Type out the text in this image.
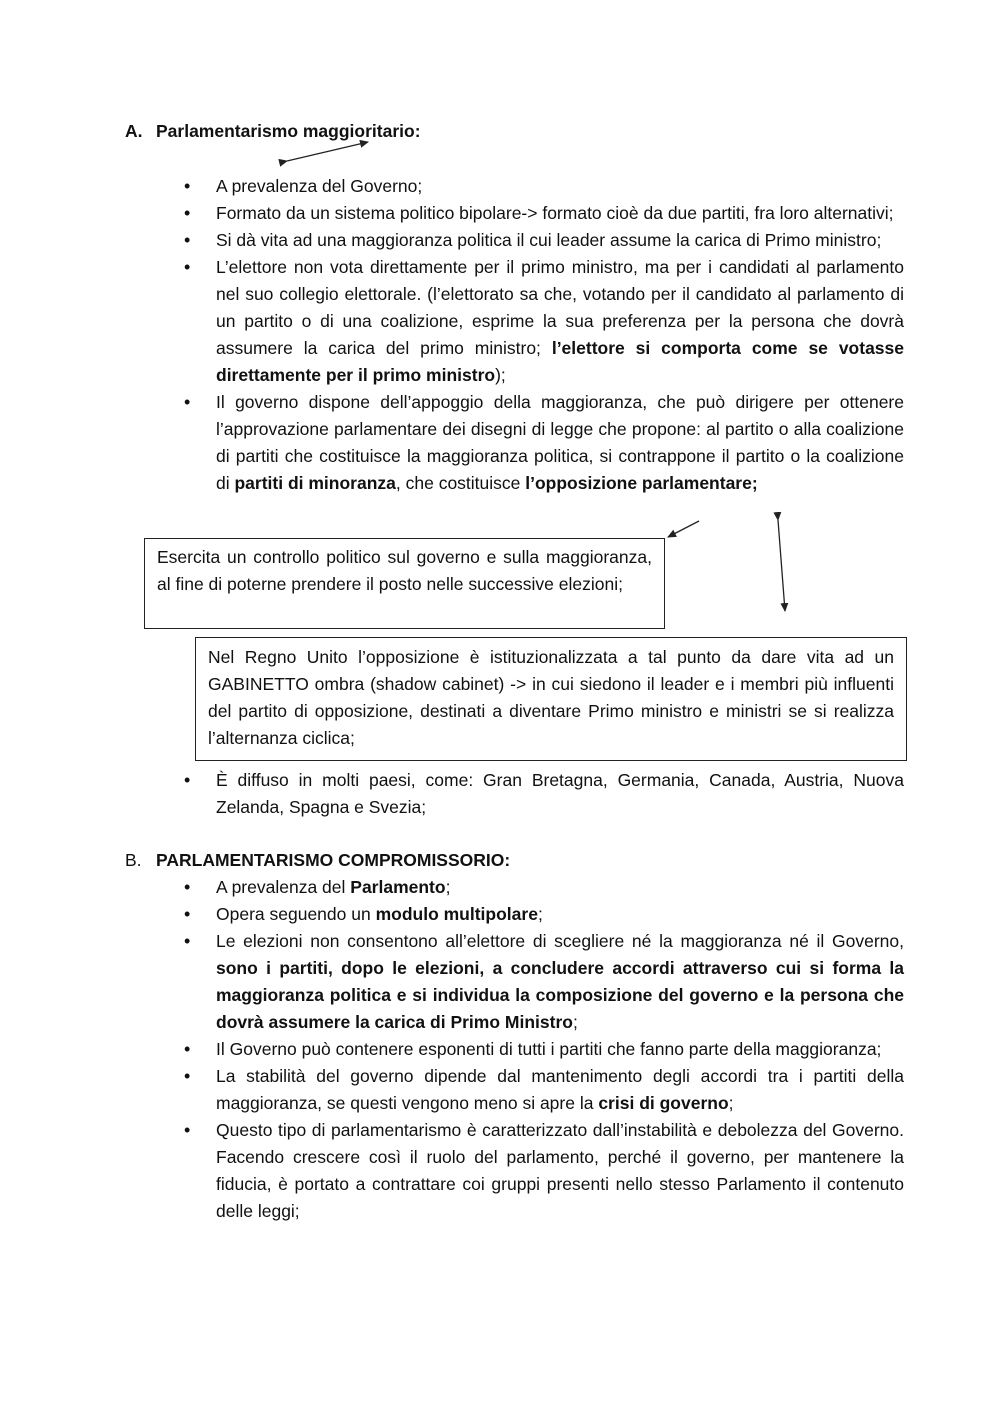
A. Parlamentarismo maggioritario:
• A prevalenza del Governo;
• Formato da un sistema politico bipolare-> formato cioè da due partiti, fra loro alternativi;
• Si dà vita ad una maggioranza politica il cui leader assume la carica di Primo ministro;
• L’elettore non vota direttamente per il primo ministro, ma per i candidati al parlamento nel suo collegio elettorale. (l’elettorato sa che, votando per il candidato al parlamento di un partito o di una coalizione, esprime la sua preferenza per la persona che dovrà assumere la carica del primo ministro; l’elettore si comporta come se votasse direttamente per il primo ministro);
• Il governo dispone dell’appoggio della maggioranza, che può dirigere per ottenere l’approvazione parlamentare dei disegni di legge che propone: al partito o alla coalizione di partiti che costituisce la maggioranza politica, si contrappone il partito o la coalizione di partiti di minoranza, che costituisce l’opposizione parlamentare;
Esercita un controllo politico sul governo e sulla maggioranza, al fine di poterne prendere il posto nelle successive elezioni;
Nel Regno Unito l’opposizione è istituzionalizzata a tal punto da dare vita ad un GABINETTO ombra (shadow cabinet) -> in cui siedono il leader e i membri più influenti del partito di opposizione, destinati a diventare Primo ministro e ministri se si realizza l’alternanza ciclica;
• È diffuso in molti paesi, come: Gran Bretagna, Germania, Canada, Austria, Nuova Zelanda, Spagna e Svezia;
B. PARLAMENTARISMO COMPROMISSORIO:
• A prevalenza del Parlamento;
• Opera seguendo un modulo multipolare;
• Le elezioni non consentono all’elettore di scegliere né la maggioranza né il Governo, sono i partiti, dopo le elezioni, a concludere accordi attraverso cui si forma la maggioranza politica e si individua la composizione del governo e la persona che dovrà assumere la carica di Primo Ministro;
• Il Governo può contenere esponenti di tutti i partiti che fanno parte della maggioranza;
• La stabilità del governo dipende dal mantenimento degli accordi tra i partiti della maggioranza, se questi vengono meno si apre la crisi di governo;
• Questo tipo di parlamentarismo è caratterizzato dall’instabilità e debolezza del Governo. Facendo crescere così il ruolo del parlamento, perché il governo, per mantenere la fiducia, è portato a contrattare coi gruppi presenti nello stesso Parlamento il contenuto delle leggi;
